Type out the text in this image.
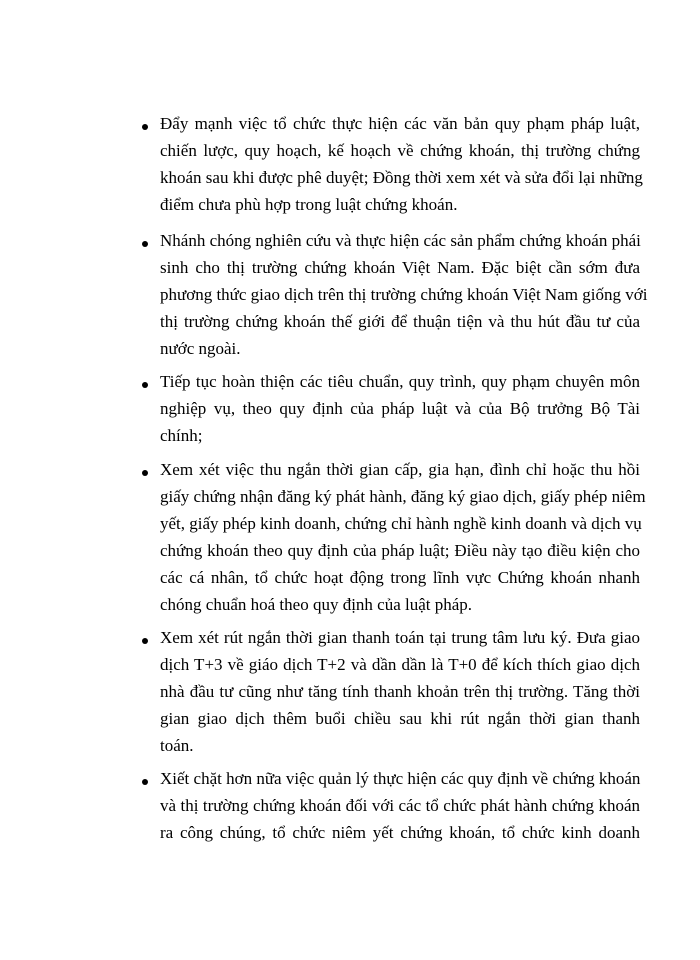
Đẩy mạnh việc tổ chức thực hiện các văn bản quy phạm pháp luật,
chiến lược, quy hoạch, kế hoạch về chứng khoán, thị trường chứng
khoán sau khi được phê duyệt; Đồng thời xem xét và sửa đổi lại những
điểm chưa phù hợp trong luật chứng khoán.
Nhánh chóng nghiên cứu và thực hiện các sản phẩm chứng khoán phái
sinh cho thị trường chứng khoán Việt Nam. Đặc biệt cần sớm đưa
phương thức giao dịch trên thị trường chứng khoán Việt Nam giống với
thị trường chứng khoán thế giới để thuận tiện và thu hút đầu tư của
nước ngoài.
Tiếp tục hoàn thiện các tiêu chuẩn, quy trình, quy phạm chuyên môn
nghiệp vụ, theo quy định của pháp luật và của Bộ trưởng Bộ Tài
chính;
Xem xét việc thu ngắn thời gian cấp, gia hạn, đình chỉ hoặc thu hồi
giấy chứng nhận đăng ký phát hành, đăng ký giao dịch, giấy phép niêm
yết, giấy phép kinh doanh, chứng chỉ hành nghề kinh doanh và dịch vụ
chứng khoán theo quy định của pháp luật; Điều này tạo điều kiện cho
các cá nhân, tổ chức hoạt động trong lĩnh vực Chứng khoán nhanh
chóng chuẩn hoá theo quy định của luật pháp.
Xem xét rút ngắn thời gian thanh toán tại trung tâm lưu ký. Đưa giao
dịch T+3 về giáo dịch T+2 và dần dần là T+0 để kích thích giao dịch
nhà đầu tư cũng như tăng tính thanh khoản trên thị trường. Tăng thời
gian giao dịch thêm buổi chiều sau khi rút ngắn thời gian thanh
toán.
Xiết chặt hơn nữa việc quản lý thực hiện các quy định về chứng khoán
và thị trường chứng khoán đối với các tổ chức phát hành chứng khoán
ra công chúng, tổ chức niêm yết chứng khoán, tổ chức kinh doanh
